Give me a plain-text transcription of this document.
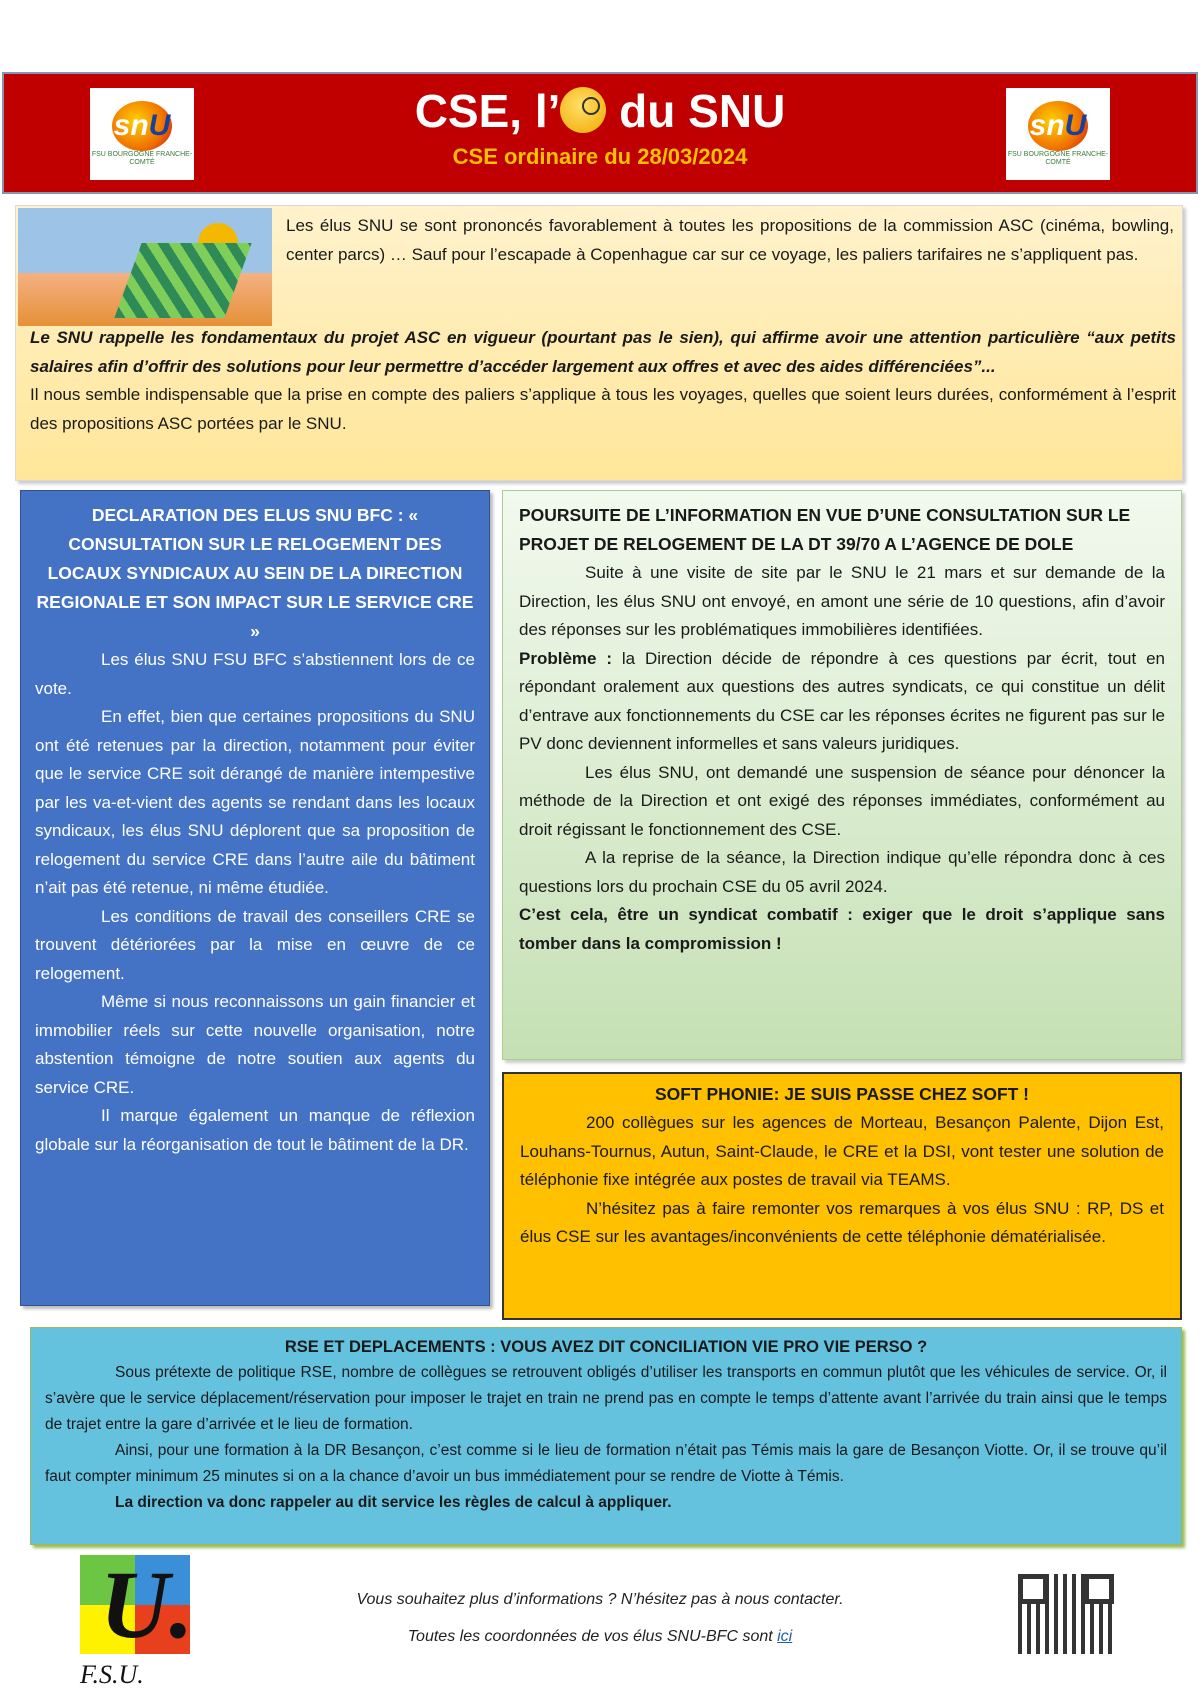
snU
FSU BOURGOGNE FRANCHE-COMTÉ
CSE, l’ du SNU
CSE ordinaire du 28/03/2024
snU
FSU BOURGOGNE FRANCHE-COMTÉ
Les élus SNU se sont prononcés favorablement à toutes les propositions de la commission ASC (cinéma, bowling, center parcs) … Sauf pour l’escapade à Copenhague car sur ce voyage, les paliers tarifaires ne s’appliquent pas.
Le SNU rappelle les fondamentaux du projet ASC en vigueur (pourtant pas le sien), qui affirme avoir une attention particulière “aux petits salaires afin d’offrir des solutions pour leur permettre d’accéder largement aux offres et avec des aides différenciées”...
Il nous semble indispensable que la prise en compte des paliers s’applique à tous les voyages, quelles que soient leurs durées, conformément à l’esprit des propositions ASC portées par le SNU.
DECLARATION DES ELUS SNU BFC : « CONSULTATION SUR LE RELOGEMENT DES LOCAUX SYNDICAUX AU SEIN DE LA DIRECTION REGIONALE ET SON IMPACT SUR LE SERVICE CRE »

Les élus SNU FSU BFC s’abstiennent lors de ce vote.

En effet, bien que certaines propositions du SNU ont été retenues par la direction, notamment pour éviter que le service CRE soit dérangé de manière intempestive par les va-et-vient des agents se rendant dans les locaux syndicaux, les élus SNU déplorent que sa proposition de relogement du service CRE dans l’autre aile du bâtiment n’ait pas été retenue, ni même étudiée.

Les conditions de travail des conseillers CRE se trouvent détériorées par la mise en œuvre de ce relogement.

Même si nous reconnaissons un gain financier et immobilier réels sur cette nouvelle organisation, notre abstention témoigne de notre soutien aux agents du service CRE.

Il marque également un manque de réflexion globale sur la réorganisation de tout le bâtiment de la DR.

POURSUITE DE L’INFORMATION EN VUE D’UNE CONSULTATION SUR LE PROJET DE RELOGEMENT DE LA DT 39/70 A L’AGENCE DE DOLE

Suite à une visite de site par le SNU le 21 mars et sur demande de la Direction, les élus SNU ont envoyé, en amont une série de 10 questions, afin d’avoir des réponses sur les problématiques immobilières identifiées.

Problème : la Direction décide de répondre à ces questions par écrit, tout en répondant oralement aux questions des autres syndicats, ce qui constitue un délit d’entrave aux fonctionnements du CSE car les réponses écrites ne figurent pas sur le PV donc deviennent informelles et sans valeurs juridiques.

Les élus SNU, ont demandé une suspension de séance pour dénoncer la méthode de la Direction et ont exigé des réponses immédiates, conformément au droit régissant le fonctionnement des CSE.

A la reprise de la séance, la Direction indique qu’elle répondra donc à ces questions lors du prochain CSE du 05 avril 2024.

C’est cela, être un syndicat combatif : exiger que le droit s’applique sans tomber dans la compromission !

SOFT PHONIE: JE SUIS PASSE CHEZ SOFT !

200 collègues sur les agences de Morteau, Besançon Palente, Dijon Est, Louhans-Tournus, Autun, Saint-Claude, le CRE et la DSI, vont tester une solution de téléphonie fixe intégrée aux postes de travail via TEAMS.

N’hésitez pas à faire remonter vos remarques à vos élus SNU : RP, DS et élus CSE sur les avantages/inconvénients de cette téléphonie dématérialisée.

RSE ET DEPLACEMENTS : VOUS AVEZ DIT CONCILIATION VIE PRO VIE PERSO ?

Sous prétexte de politique RSE, nombre de collègues se retrouvent obligés d’utiliser les transports en commun plutôt que les véhicules de service. Or, il s’avère que le service déplacement/réservation pour imposer le trajet en train ne prend pas en compte le temps d’attente avant l’arrivée du train ainsi que le temps de trajet entre la gare d’arrivée et le lieu de formation.

Ainsi, pour une formation à la DR Besançon, c’est comme si le lieu de formation n’était pas Témis mais la gare de Besançon Viotte. Or, il se trouve qu’il faut compter minimum 25 minutes si on a la chance d’avoir un bus immédiatement pour se rendre de Viotte à Témis.

La direction va donc rappeler au dit service les règles de calcul à appliquer.

U.
F.S.U.
Vous souhaitez plus d’informations ? N’hésitez pas à nous contacter.
Toutes les coordonnées de vos élus SNU-BFC sont ici
